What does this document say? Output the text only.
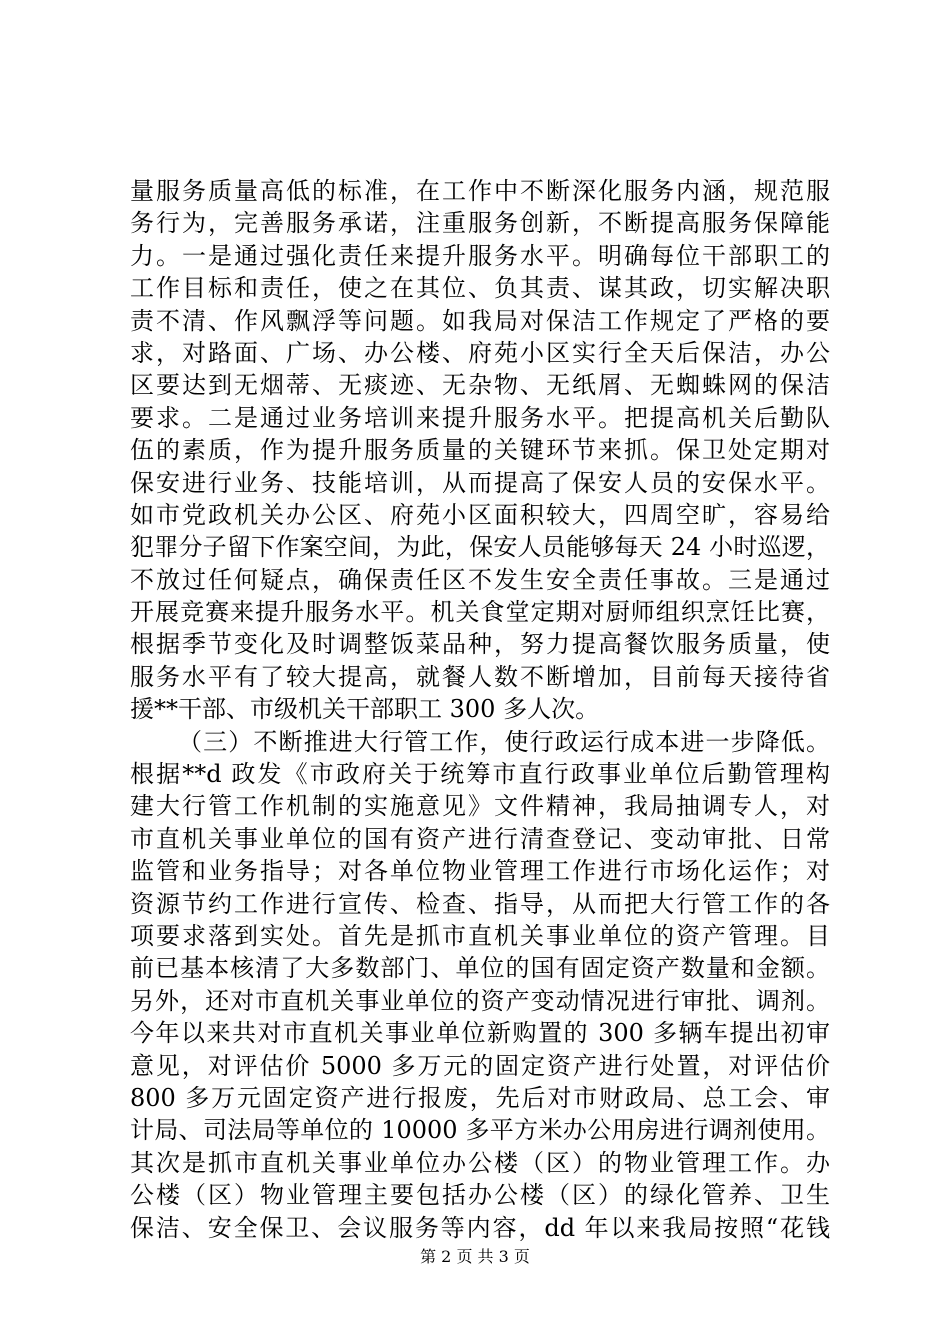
量服务质量高低的标准，在工作中不断深化服务内涵，规范服
务行为，完善服务承诺，注重服务创新，不断提高服务保障能
力。一是通过强化责任来提升服务水平。明确每位干部职工的
工作目标和责任，使之在其位、负其责、谋其政，切实解决职
责不清、作风飘浮等问题。如我局对保洁工作规定了严格的要
求，对路面、广场、办公楼、府苑小区实行全天后保洁，办公
区要达到无烟蒂、无痰迹、无杂物、无纸屑、无蜘蛛网的保洁
要求。二是通过业务培训来提升服务水平。把提高机关后勤队
伍的素质，作为提升服务质量的关键环节来抓。保卫处定期对
保安进行业务、技能培训，从而提高了保安人员的安保水平。
如市党政机关办公区、府苑小区面积较大，四周空旷，容易给
犯罪分子留下作案空间，为此，保安人员能够每天 24 小时巡逻，
不放过任何疑点，确保责任区不发生安全责任事故。三是通过
开展竞赛来提升服务水平。机关食堂定期对厨师组织烹饪比赛，
根据季节变化及时调整饭菜品种，努力提高餐饮服务质量，使
服务水平有了较大提高，就餐人数不断增加，目前每天接待省
援**干部、市级机关干部职工 300 多人次。
（三）不断推进大行管工作，使行政运行成本进一步降低。
根据**d 政发《市政府关于统筹市直行政事业单位后勤管理构
建大行管工作机制的实施意见》文件精神，我局抽调专人，对
市直机关事业单位的国有资产进行清查登记、变动审批、日常
监管和业务指导；对各单位物业管理工作进行市场化运作；对
资源节约工作进行宣传、检查、指导，从而把大行管工作的各
项要求落到实处。首先是抓市直机关事业单位的资产管理。目
前已基本核清了大多数部门、单位的国有固定资产数量和金额。
另外，还对市直机关事业单位的资产变动情况进行审批、调剂。
今年以来共对市直机关事业单位新购置的 300 多辆车提出初审
意见，对评估价 5000 多万元的固定资产进行处置，对评估价
800 多万元固定资产进行报废，先后对市财政局、总工会、审
计局、司法局等单位的 10000 多平方米办公用房进行调剂使用。
其次是抓市直机关事业单位办公楼（区）的物业管理工作。办
公楼（区）物业管理主要包括办公楼（区）的绿化管养、卫生
保洁、安全保卫、会议服务等内容，dd 年以来我局按照“花钱
第 2 页 共 3 页
